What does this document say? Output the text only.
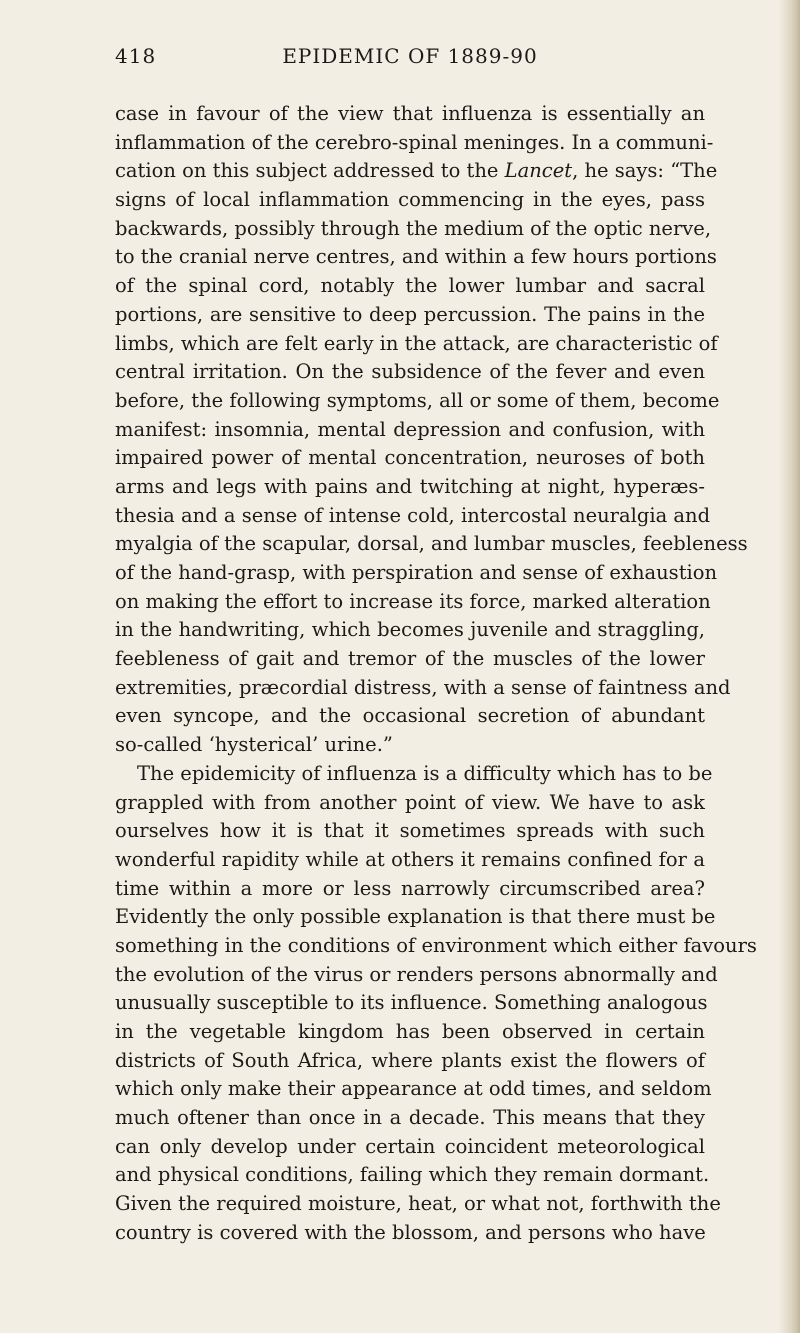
418	EPIDEMIC OF 1889-90
case in favour of the view that influenza is essentially an
inflammation of the cerebro-spinal meninges. In a communi-
cation on this subject addressed to the Lancet, he says: “The
signs of local inflammation commencing in the eyes, pass
backwards, possibly through the medium of the optic nerve,
to the cranial nerve centres, and within a few hours portions
of the spinal cord, notably the lower lumbar and sacral
portions, are sensitive to deep percussion. The pains in the
limbs, which are felt early in the attack, are characteristic of
central irritation. On the subsidence of the fever and even
before, the following symptoms, all or some of them, become
manifest: insomnia, mental depression and confusion, with
impaired power of mental concentration, neuroses of both
arms and legs with pains and twitching at night, hyperæs-
thesia and a sense of intense cold, intercostal neuralgia and
myalgia of the scapular, dorsal, and lumbar muscles, feebleness
of the hand-grasp, with perspiration and sense of exhaustion
on making the effort to increase its force, marked alteration
in the handwriting, which becomes juvenile and straggling,
feebleness of gait and tremor of the muscles of the lower
extremities, præcordial distress, with a sense of faintness and
even syncope, and the occasional secretion of abundant
so-called ‘hysterical’ urine.”
The epidemicity of influenza is a difficulty which has to be
grappled with from another point of view. We have to ask
ourselves how it is that it sometimes spreads with such
wonderful rapidity while at others it remains confined for a
time within a more or less narrowly circumscribed area?
Evidently the only possible explanation is that there must be
something in the conditions of environment which either favours
the evolution of the virus or renders persons abnormally and
unusually susceptible to its influence. Something analogous
in the vegetable kingdom has been observed in certain
districts of South Africa, where plants exist the flowers of
which only make their appearance at odd times, and seldom
much oftener than once in a decade. This means that they
can only develop under certain coincident meteorological
and physical conditions, failing which they remain dormant.
Given the required moisture, heat, or what not, forthwith the
country is covered with the blossom, and persons who have
